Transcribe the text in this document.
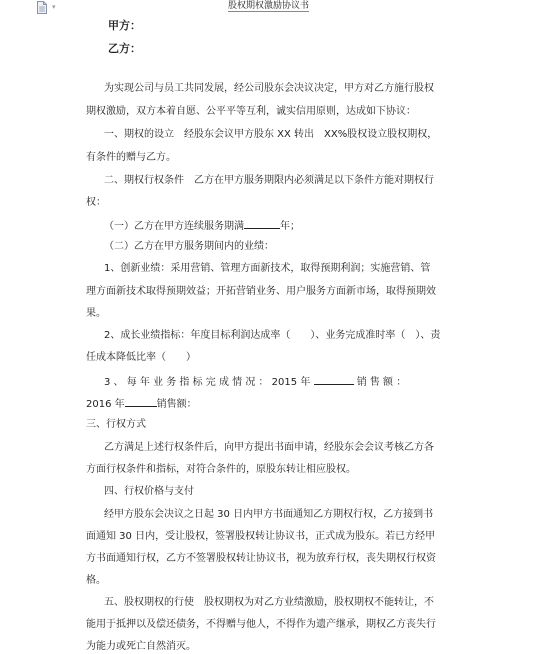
▾	股权期权激励协议书
甲方：
乙方：
为实现公司与员工共同发展，经公司股东会决议决定，甲方对乙方施行股权
期权激励，双方本着自愿、公平平等互利，诚实信用原则，达成如下协议：
一、期权的设立　经股东会议甲方股东 XX 转出　XX%股权设立股权期权，
有条件的赠与乙方。
二、期权行权条件　乙方在甲方服务期限内必须满足以下条件方能对期权行
权：
（一）乙方在甲方连续服务期满	年；
（二）乙方在甲方服务期间内的业绩：
1、创新业绩：采用营销、管理方面新技术，取得预期利润；实施营销、管
理方面新技术取得预期效益；开拓营销业务、用户服务方面新市场，取得预期效
果。
2、成长业绩指标：年度目标利润达成率（　　）、业务完成准时率（　）、责
任成本降低比率（　　）
3 、 每 年 业 务 指 标 完 成 情 况 ： 2015 年	销 售 额 ：
2016 年	销售额：
三、行权方式
乙方满足上述行权条件后，向甲方提出书面申请，经股东会会议考核乙方各
方面行权条件和指标，对符合条件的，原股东转让相应股权。
四、行权价格与支付
经甲方股东会决议之日起 30 日内甲方书面通知乙方期权行权，乙方接到书
面通知 30 日内，受让股权，签署股权转让协议书，正式成为股东。若已方经甲
方书面通知行权，乙方不签署股权转让协议书，视为放弃行权，丧失期权行权资
格。
五、股权期权的行使　股权期权为对乙方业绩激励，股权期权不能转让，不
能用于抵押以及偿还债务，不得赠与他人，不得作为遗产继承，期权乙方丧失行
为能力或死亡自然消灭。
